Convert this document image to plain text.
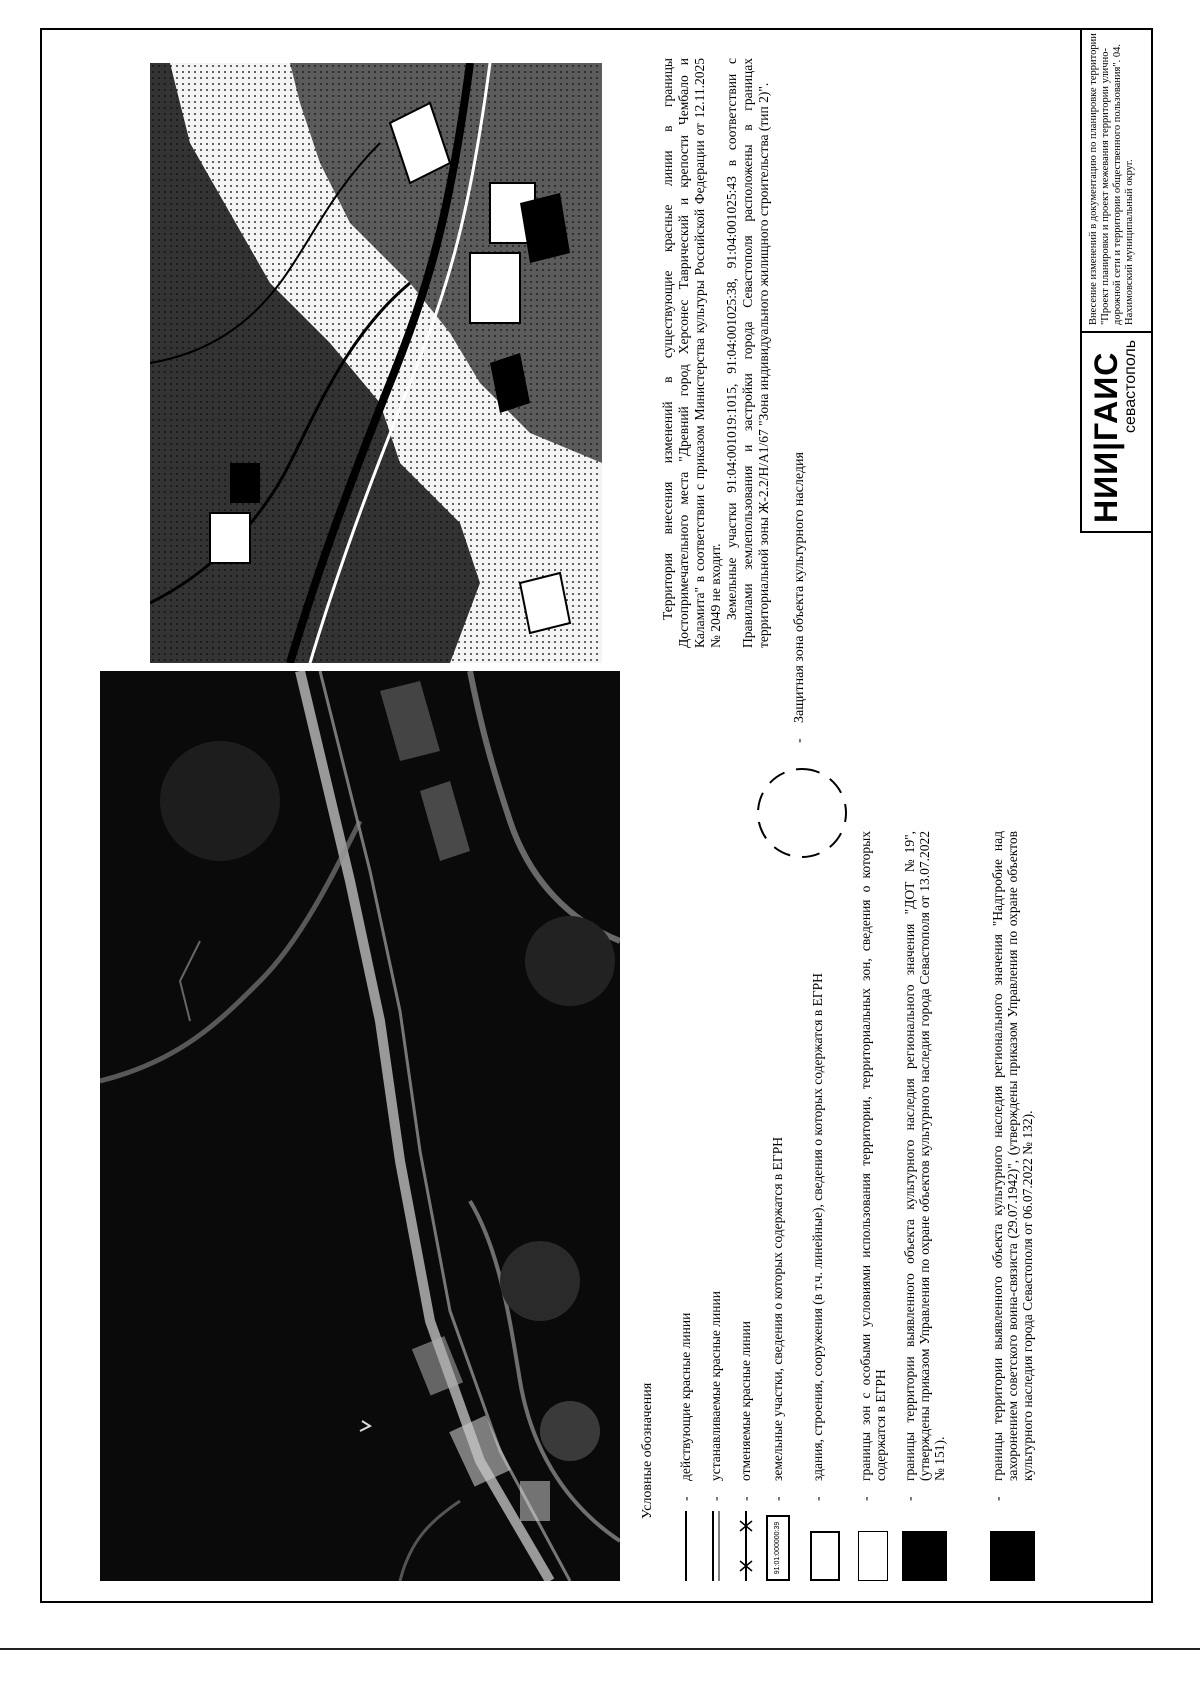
Условные обозначения -
действующие красные линии
-
устанавливаемые красные линии
-
отменяемые красные линии
91:01:000000:39
-
земельные участки, сведения о которых содержатся в ЕГРН
-
здания, строения, сооружения (в т.ч. линейные), сведения о которых содержатся в ЕГРН
-
границы зон с особыми условиями использования территории, территориальных зон, сведения о которых содержатся в ЕГРН
-
границы территории выявленного объекта культурного наследия регионального значения "ДОТ №19", (утверждены приказом Управления по охране объектов культурного наследия города Севастополя от 13.07.2022 № 151).
-
границы территории выявленного объекта культурного наследия регионального значения "Надгробие над захоронением советского воина-связиста (29.07.1942)", (утверждены приказом Управления по охране объектов культурного наследия города Севастополя от 06.07.2022 № 132).
-
Защитная зона объекта культурного наследия

Территория внесения изменений в существующие красные линии в границы Достопримечательного места "Древний город Херсонес Таврический и крепости Чембало и Каламита" в соответствии с приказом Министерства культуры Российской Федерации от 12.11.2025 № 2049 не входит. Земельные участки 91:04:001019:1015, 91:04:001025:38, 91:04:001025:43 в соответствии с Правилами землепользования и застройки города Севастополя расположены в границах территориальной зоны Ж-2.2/Н/А1/67 "Зона индивидуального жилищного строительства (тип 2)".	НИИ|ГАИС
севастополь
Внесение изменений в документацию по планировке территории "Проект планировки и проект межевания территории улично-дорожной сети и территории общественного пользования". 04. Нахимовский муниципальный округ.
